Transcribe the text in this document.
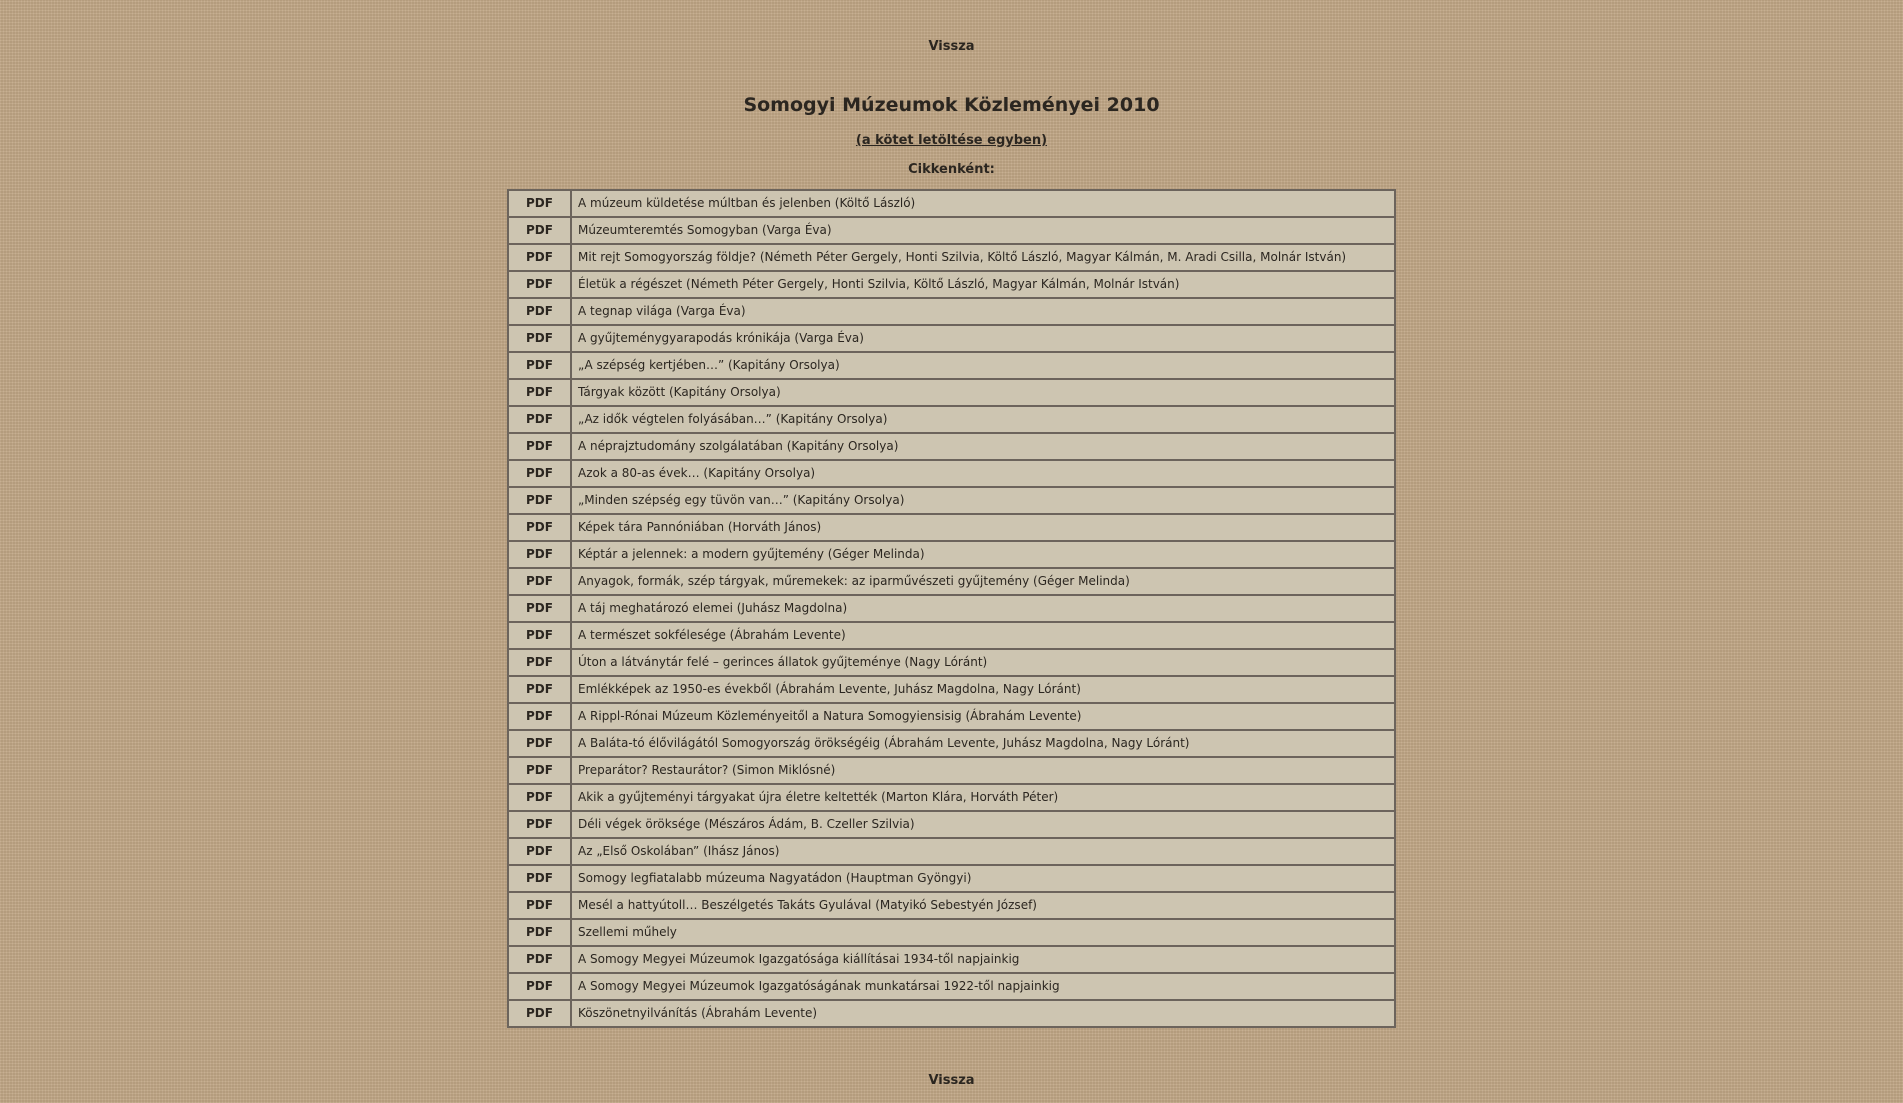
Vissza
Somogyi Múzeumok Közleményei 2010
(a kötet letöltése egyben)
Cikkenként:
PDF	A múzeum küldetése múltban és jelenben (Költő László)
PDF	Múzeumteremtés Somogyban (Varga Éva)
PDF	Mit rejt Somogyország földje? (Németh Péter Gergely, Honti Szilvia, Költő László, Magyar Kálmán, M. Aradi Csilla, Molnár István)
PDF	Életük a régészet (Németh Péter Gergely, Honti Szilvia, Költő László, Magyar Kálmán, Molnár István)
PDF	A tegnap világa (Varga Éva)
PDF	A gyűjteménygyarapodás krónikája (Varga Éva)
PDF	„A szépség kertjében…” (Kapitány Orsolya)
PDF	Tárgyak között (Kapitány Orsolya)
PDF	„Az idők végtelen folyásában…” (Kapitány Orsolya)
PDF	A néprajztudomány szolgálatában (Kapitány Orsolya)
PDF	Azok a 80-as évek… (Kapitány Orsolya)
PDF	„Minden szépség egy tüvön van…” (Kapitány Orsolya)
PDF	Képek tára Pannóniában (Horváth János)
PDF	Képtár a jelennek: a modern gyűjtemény (Géger Melinda)
PDF	Anyagok, formák, szép tárgyak, műremekek: az iparművészeti gyűjtemény (Géger Melinda)
PDF	A táj meghatározó elemei (Juhász Magdolna)
PDF	A természet sokfélesége (Ábrahám Levente)
PDF	Úton a látványtár felé – gerinces állatok gyűjteménye (Nagy Lóránt)
PDF	Emlékképek az 1950-es évekből (Ábrahám Levente, Juhász Magdolna, Nagy Lóránt)
PDF	A Rippl-Rónai Múzeum Közleményeitől a Natura Somogyiensisig (Ábrahám Levente)
PDF	A Baláta-tó élővilágától Somogyország örökségéig (Ábrahám Levente, Juhász Magdolna, Nagy Lóránt)
PDF	Preparátor? Restaurátor? (Simon Miklósné)
PDF	Akik a gyűjteményi tárgyakat újra életre keltették (Marton Klára, Horváth Péter)
PDF	Déli végek öröksége (Mészáros Ádám, B. Czeller Szilvia)
PDF	Az „Első Oskolában” (Ihász János)
PDF	Somogy legfiatalabb múzeuma Nagyatádon (Hauptman Gyöngyi)
PDF	Mesél a hattyútoll… Beszélgetés Takáts Gyulával (Matyikó Sebestyén József)
PDF	Szellemi műhely
PDF	A Somogy Megyei Múzeumok Igazgatósága kiállításai 1934-től napjainkig
PDF	A Somogy Megyei Múzeumok Igazgatóságának munkatársai 1922-től napjainkig
PDF	Köszönetnyilvánítás (Ábrahám Levente)
Vissza
